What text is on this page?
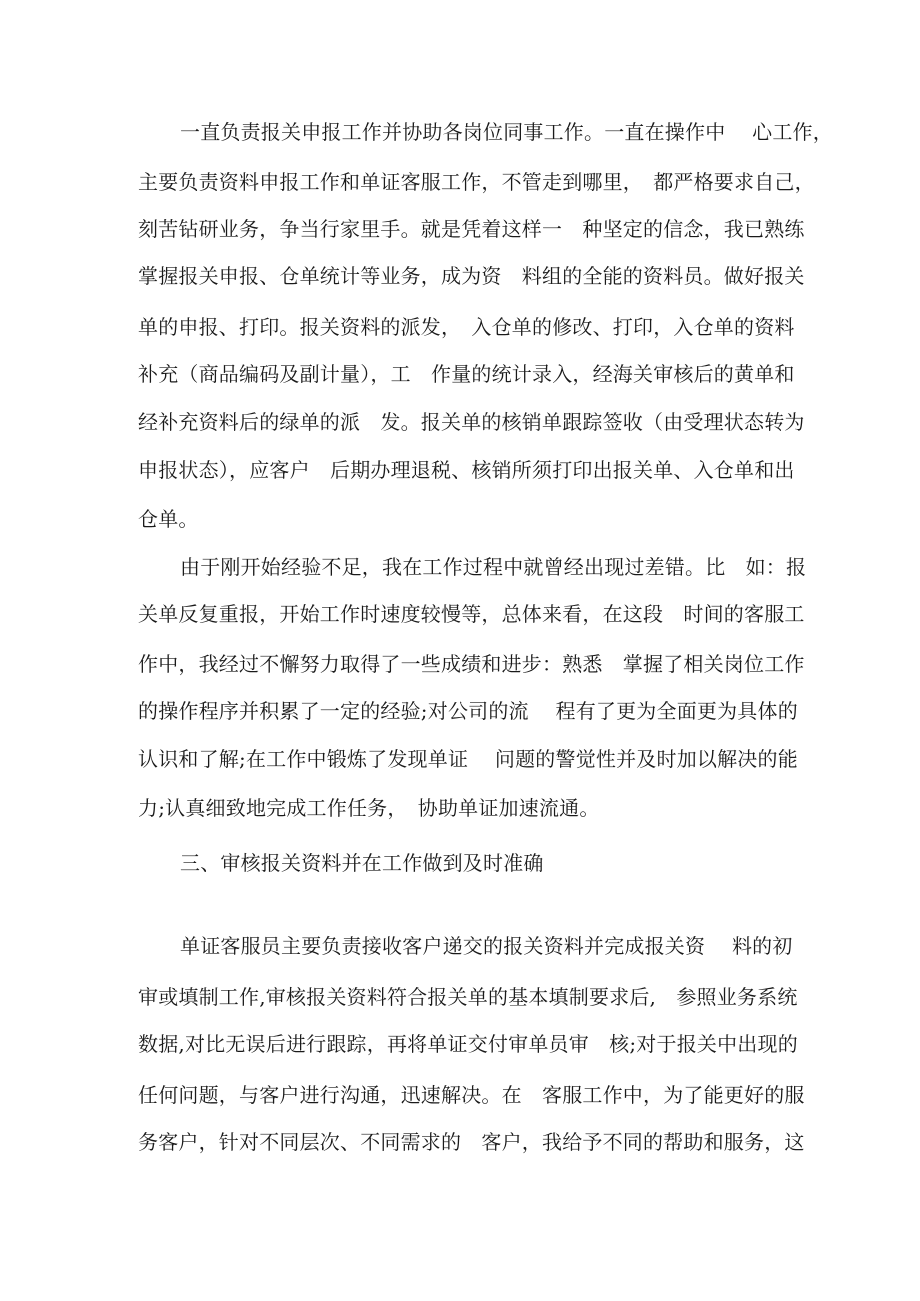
一直负责报关申报工作并协助各岗位同事工作。一直在操作中　 心工作，
主要负责资料申报工作和单证客服工作，不管走到哪里，　都严格要求自己，
刻苦钻研业务，争当行家里手。就是凭着这样一　种坚定的信念，我已熟练
掌握报关申报、仓单统计等业务，成为资　料组的全能的资料员。做好报关
单的申报、打印。报关资料的派发，　入仓单的修改、打印，入仓单的资料
补充（商品编码及副计量），工　作量的统计录入，经海关审核后的黄单和
经补充资料后的绿单的派　发。报关单的核销单跟踪签收（由受理状态转为
申报状态），应客户　后期办理退税、核销所须打印出报关单、入仓单和出
仓单。
由于刚开始经验不足，我在工作过程中就曾经出现过差错。比　如：报
关单反复重报，开始工作时速度较慢等，总体来看，在这段　时间的客服工
作中，我经过不懈努力取得了一些成绩和进步：熟悉　掌握了相关岗位工作
的操作程序并积累了一定的经验;对公司的流　 程有了更为全面更为具体的
认识和了解;在工作中锻炼了发现单证　 问题的警觉性并及时加以解决的能
力;认真细致地完成工作任务，　协助单证加速流通。
三、审核报关资料并在工作做到及时准确
单证客服员主要负责接收客户递交的报关资料并完成报关资　 料的初
审或填制工作,审核报关资料符合报关单的基本填制要求后,　参照业务系统
数据,对比无误后进行跟踪，再将单证交付审单员审　核;对于报关中出现的
任何问题，与客户进行沟通，迅速解决。在　客服工作中，为了能更好的服
务客户，针对不同层次、不同需求的　客户，我给予不同的帮助和服务，这
